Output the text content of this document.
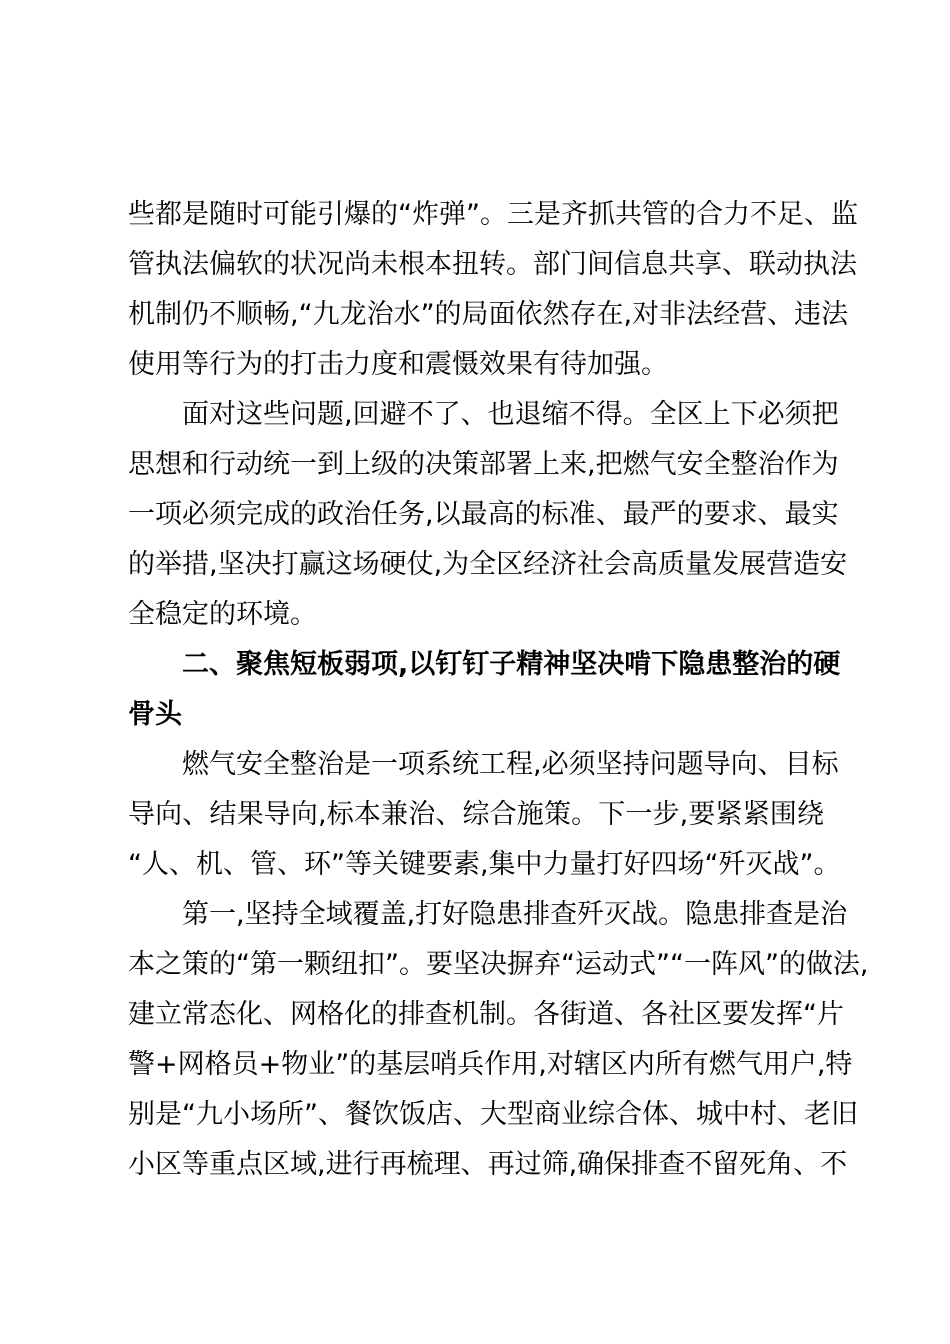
些都是随时可能引爆的“炸弹”。三是齐抓共管的合力不足、监
管执法偏软的状况尚未根本扭转。部门间信息共享、联动执法
机制仍不顺畅,“九龙治水”的局面依然存在,对非法经营、违法
使用等行为的打击力度和震慑效果有待加强。
面对这些问题,回避不了、也退缩不得。全区上下必须把
思想和行动统一到上级的决策部署上来,把燃气安全整治作为
一项必须完成的政治任务,以最高的标准、最严的要求、最实
的举措,坚决打赢这场硬仗,为全区经济社会高质量发展营造安
全稳定的环境。
二、聚焦短板弱项,以钉钉子精神坚决啃下隐患整治的硬
骨头
燃气安全整治是一项系统工程,必须坚持问题导向、目标
导向、结果导向,标本兼治、综合施策。下一步,要紧紧围绕
“人、机、管、环”等关键要素,集中力量打好四场“歼灭战”。
第一,坚持全域覆盖,打好隐患排查歼灭战。隐患排查是治
本之策的“第一颗纽扣”。要坚决摒弃“运动式”“一阵风”的做法,
建立常态化、网格化的排查机制。各街道、各社区要发挥“片
警+网格员+物业”的基层哨兵作用,对辖区内所有燃气用户,特
别是“九小场所”、餐饮饭店、大型商业综合体、城中村、老旧
小区等重点区域,进行再梳理、再过筛,确保排查不留死角、不
